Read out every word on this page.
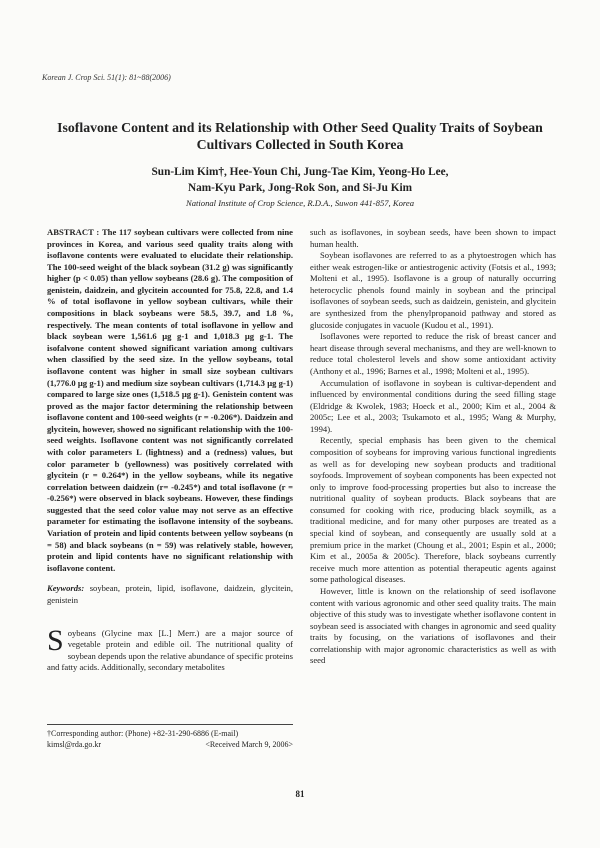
Korean J. Crop Sci. 51(1): 81~88(2006)
Isoflavone Content and its Relationship with Other Seed Quality Traits of Soybean Cultivars Collected in South Korea
Sun-Lim Kim†, Hee-Youn Chi, Jung-Tae Kim, Yeong-Ho Lee,
Nam-Kyu Park, Jong-Rok Son, and Si-Ju Kim
National Institute of Crop Science, R.D.A., Suwon 441-857, Korea
ABSTRACT : The 117 soybean cultivars were collected from nine provinces in Korea, and various seed quality traits along with isoflavone contents were evaluated to elucidate their relationship. The 100-seed weight of the black soybean (31.2 g) was significantly higher (p < 0.05) than yellow soybeans (28.6 g). The composition of genistein, daidzein, and glycitein accounted for 75.8, 22.8, and 1.4 % of total isoflavone in yellow soybean cultivars, while their compositions in black soybeans were 58.5, 39.7, and 1.8 %, respectively. The mean contents of total isoflavone in yellow and black soybean were 1,561.6 μg g-1 and 1,018.3 μg g-1. The isofalvone content showed significant variation among cultivars when classified by the seed size. In the yellow soybeans, total isoflavone content was higher in small size soybean cultivars (1,776.0 μg g-1) and medium size soybean cultivars (1,714.3 μg g-1) compared to large size ones (1,518.5 μg g-1). Genistein content was proved as the major factor determining the relationship between isoflavone content and 100-seed weights (r = -0.206*). Daidzein and glycitein, however, showed no significant relationship with the 100-seed weights. Isoflavone content was not significantly correlated with color parameters L (lightness) and a (redness) values, but color parameter b (yellowness) was positively correlated with glycitein (r = 0.264*) in the yellow soybeans, while its negative correlation between daidzein (r= -0.245*) and total isoflavone (r = -0.256*) were observed in black soybeans. However, these findings suggested that the seed color value may not serve as an effective parameter for estimating the isoflavone intensity of the soybeans. Variation of protein and lipid contents between yellow soybeans (n = 58) and black soybeans (n = 59) was relatively stable, however, protein and lipid contents have no significant relationship with isoflavone content.
Keywords: soybean, protein, lipid, isoflavone, daidzein, glycitein, genistein
Soybeans (Glycine max [L.] Merr.) are a major source of vegetable protein and edible oil. The nutritional quality of soybean depends upon the relative abundance of specific proteins and fatty acids. Additionally, secondary metabolites
†Corresponding author: (Phone) +82-31-290-6886 (E-mail) kimsl@rda.go.kr	<Received March 9, 2006>

such as isoflavones, in soybean seeds, have been shown to impact human health.

Soybean isoflavones are referred to as a phytoestrogen which has either weak estrogen-like or antiestrogenic activity (Fotsis et al., 1993; Molteni et al., 1995). Isoflavone is a group of naturally occurring heterocyclic phenols found mainly in soybean and the principal isoflavones of soybean seeds, such as daidzein, genistein, and glycitein are synthesized from the phenylpropanoid pathway and stored as glucoside conjugates in vacuole (Kudou et al., 1991).

Isoflavones were reported to reduce the risk of breast cancer and heart disease through several mechanisms, and they are well-known to reduce total cholesterol levels and show some antioxidant activity (Anthony et al., 1996; Barnes et al., 1998; Molteni et al., 1995).

Accumulation of isoflavone in soybean is cultivar-dependent and influenced by environmental conditions during the seed filling stage (Eldridge & Kwolek, 1983; Hoeck et al., 2000; Kim et al., 2004 & 2005c; Lee et al., 2003; Tsukamoto et al., 1995; Wang & Murphy, 1994).

Recently, special emphasis has been given to the chemical composition of soybeans for improving various functional ingredients as well as for developing new soybean products and traditional soyfoods. Improvement of soybean components has been expected not only to improve food-processing properties but also to increase the nutritional quality of soybean products. Black soybeans that are consumed for cooking with rice, producing black soymilk, as a traditional medicine, and for many other purposes are treated as a special kind of soybean, and consequently are usually sold at a premium price in the market (Choung et al., 2001; Espin et al., 2000; Kim et al., 2005a & 2005c). Therefore, black soybeans currently receive much more attention as potential therapeutic agents against some pathological diseases.

However, little is known on the relationship of seed isoflavone content with various agronomic and other seed quality traits. The main objective of this study was to investigate whether isoflavone content in soybean seed is associated with changes in agronomic and seed quality traits by focusing, on the variations of isoflavones and their correlationship with major agronomic characteristics as well as with seed

81
